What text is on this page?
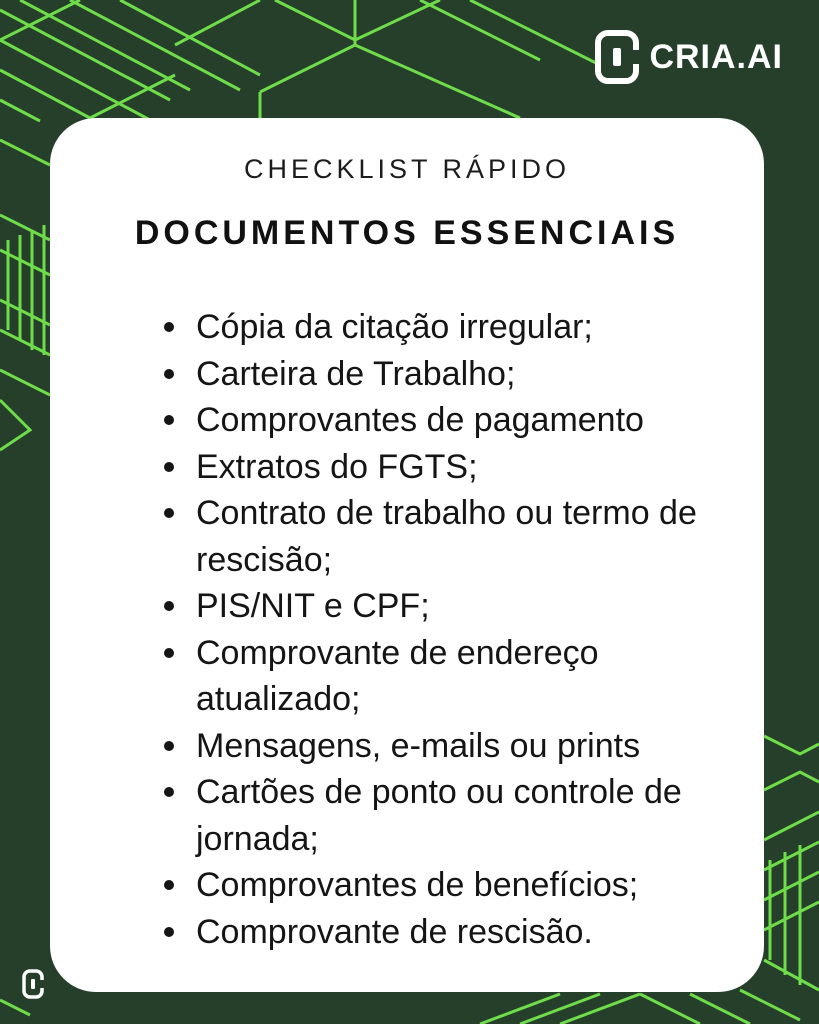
CRIA.AI
CHECKLIST RÁPIDO
DOCUMENTOS ESSENCIAIS
Cópia da citação irregular;
Carteira de Trabalho;
Comprovantes de pagamento
Extratos do FGTS;
Contrato de trabalho ou termo de rescisão;
PIS/NIT e CPF;
Comprovante de endereço atualizado;
Mensagens, e-mails ou prints
Cartões de ponto ou controle de jornada;
Comprovantes de benefícios;
Comprovante de rescisão.
